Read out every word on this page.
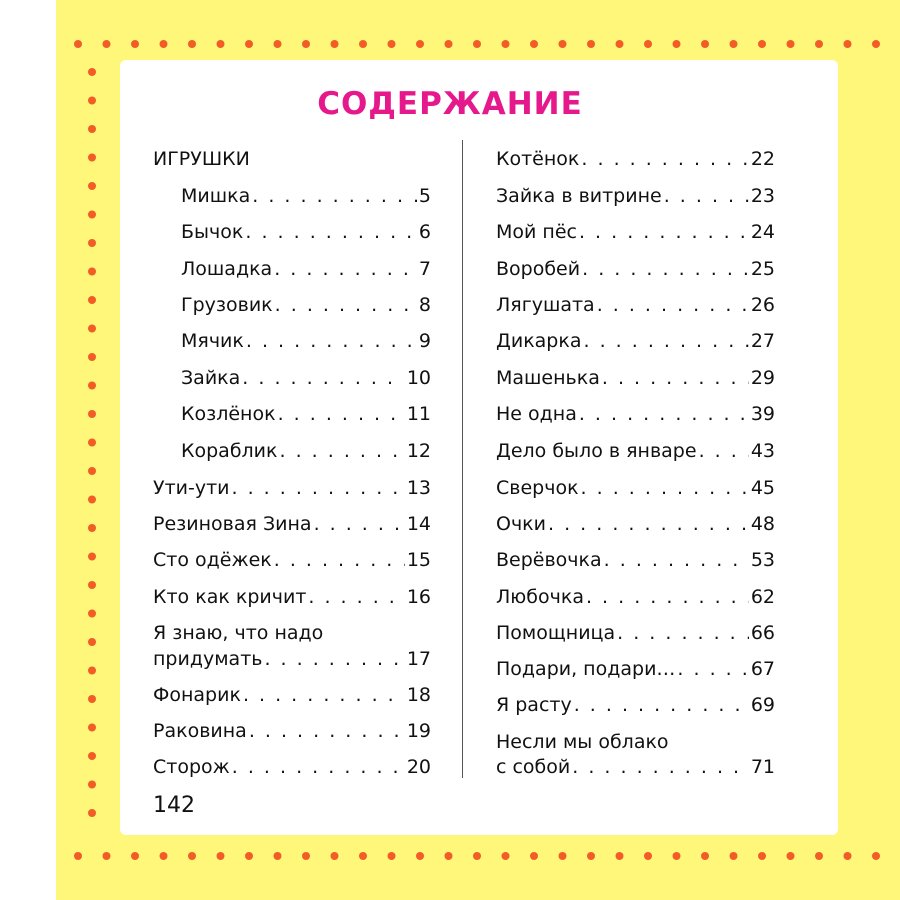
СОДЕРЖАНИЕ
ИГРУШКИ
Мишка . . .	5
Бычок . . .	6
Лошадка . . .	7
Грузовик . . .	8
Мячик . . .	9
Зайка . . .	10
Козлёнок . . .	11
Кораблик . . .	12
Ути-ути . . .	13
Резиновая Зина . . .	14
Сто одёжек . . .	15
Кто как кричит . . .	16
Я знаю, что надо
придумать . . .	17
Фонарик . . .	18
Раковина . . .	19
Сторож . . .	20
Котёнок . . .	22
Зайка в витрине . . .	23
Мой пёс . . .	24
Воробей . . .	25
Лягушата . . .	26
Дикарка . . .	27
Машенька . . .	29
Не одна . . .	39
Дело было в январе . . .	43
Сверчок . . .	45
Очки . . .	48
Верёвочка . . .	53
Любочка . . .	62
Помощница . . .	66
Подари, подари… . . .	67
Я расту . . .	69
Несли мы облако
с собой . . .	71
142
